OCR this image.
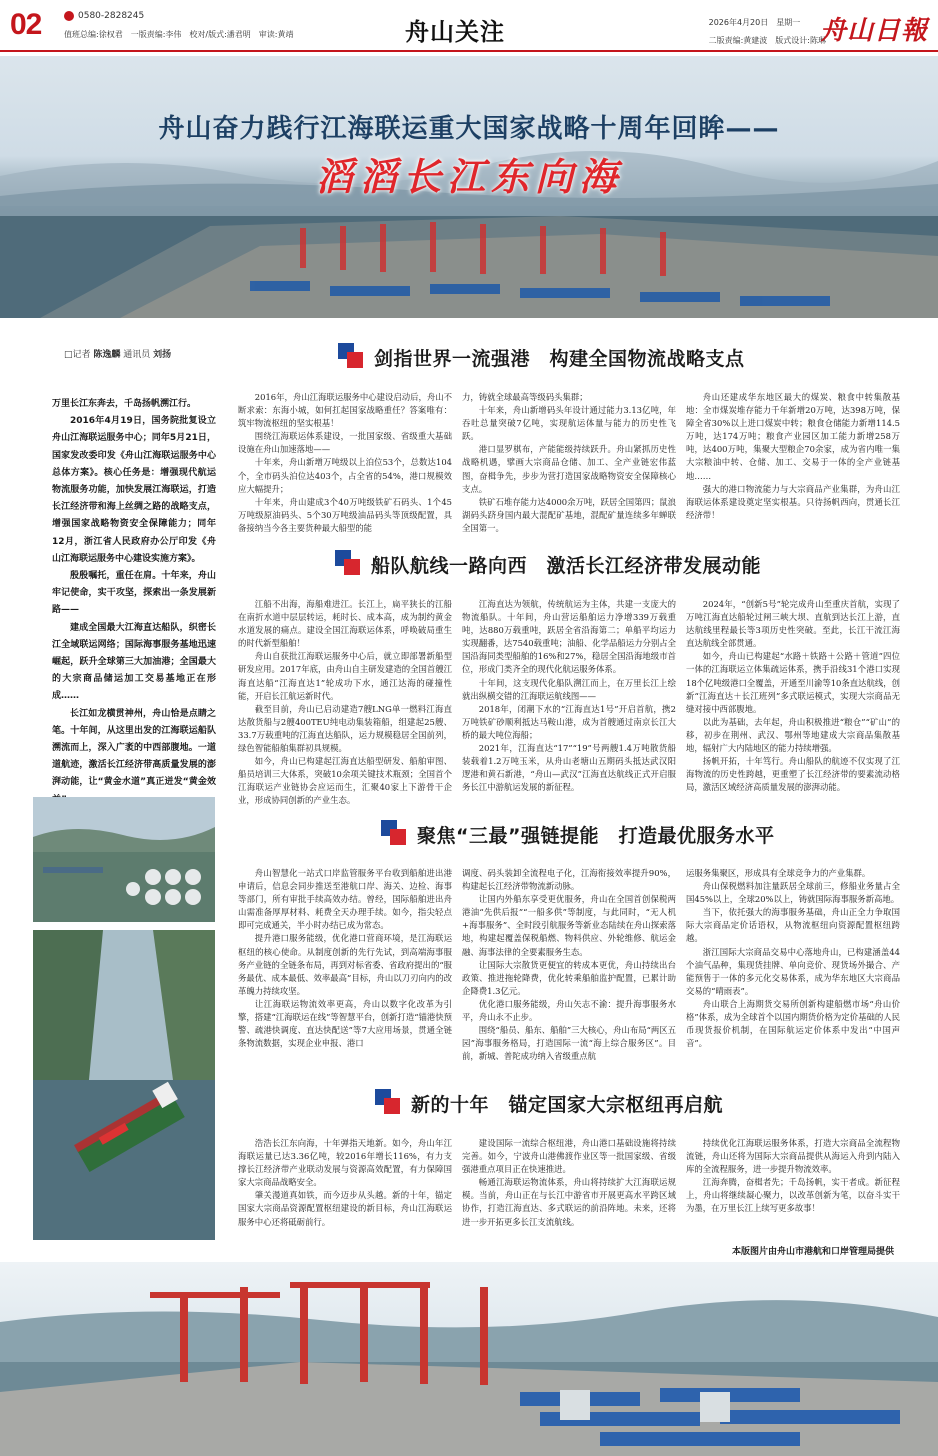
02	0580-2828245
值班总编:徐权君　一版责编:李伟　校对/版式:潘君明　审读:黄靖	舟山关注	2026年4月20日　星期一
二版责编:黄建波　版式设计:陈琳
舟山日報
舟山奋力践行江海联运重大国家战略十周年回眸——
滔滔长江东向海
□记者 陈逸麟 通讯员 刘扬

万里长江东奔去，千岛扬帆溯江行。

2016年4月19日，国务院批复设立舟山江海联运服务中心；同年5月21日，国家发改委印发《舟山江海联运服务中心总体方案》。核心任务是：增强现代航运物流服务功能，加快发展江海联运，打造长江经济带和海上丝绸之路的战略支点，增强国家战略物资安全保障能力；同年12月，浙江省人民政府办公厅印发《舟山江海联运服务中心建设实施方案》。

殷殷嘱托，重任在肩。十年来，舟山牢记使命，实干攻坚，探索出一条发展新路——

建成全国最大江海直达船队，织密长江全域联运网络；国际海事服务基地迅速崛起，跃升全球第三大加油港；全国最大的大宗商品储运加工交易基地正在形成……

长江如龙横贯神州，舟山恰是点睛之笔。十年间，从这里出发的江海联运船队溯流而上，深入广袤的中西部腹地。一道道航迹，激活长江经济带高质量发展的澎湃动能，让“黄金水道”真正迸发“黄金效

剑指世界一流强港　构建全国物流战略支点

2016年，舟山江海联运服务中心建设启动后，舟山不断求索：东海小城，如何扛起国家战略重任？答案唯有：筑牢物流枢纽的坚实根基！

围绕江海联运体系建设，一批国家级、省级重大基础设施在舟山加速落地——

十年来，舟山新增万吨级以上泊位53个，总数达104个，全市码头泊位达403个，占全省的54%，港口规模效应大幅提升；

十年来，舟山建成3个40万吨级铁矿石码头、1个45万吨级原油码头、5个30万吨级油品码头等顶级配置，具备接纳当今各主要货种最大船型的能

力，铸就全球最高等级码头集群；

十年来，舟山新增码头年设计通过能力3.13亿吨，年吞吐总量突破7亿吨，实现航运体量与能力的历史性飞跃。

港口显罗棋布，产能能级持续跃升。舟山紧抓历史性战略机遇，擘画大宗商品仓储、加工、全产业链宏伟蓝图，奋楫争先，步步为营打造国家战略物资安全保障核心支点。

铁矿石堆存能力达4000余万吨，跃居全国第四；鼠浪湖码头跻身国内最大混配矿基地，混配矿量连续多年蝉联全国第一。

舟山还建成华东地区最大的煤炭、粮食中转集散基地：全市煤炭堆存能力千年新增20万吨，达398万吨，保障全省30%以上进口煤炭中转；粮食仓储能力新增114.5万吨，达174万吨；粮食产业园区加工能力新增258万吨，达400万吨，集聚大型粮企70余家，成为省内唯一集大宗粮油中转、仓储、加工、交易于一体的全产业链基地……

强大的港口物流能力与大宗商品产业集群，为舟山江海联运体系建设奠定坚实根基。只待扬帆西向，贯通长江经济带！

船队航线一路向西　激活长江经济带发展动能

江船不出海，海船难进江。长江上，扁平狭长的江船在南折水道中层层转运，耗时长、成本高，成为制约黄金水道发展的痛点。建设全国江海联运体系，呼唤破局重生的时代新型船舶！

舟山自获批江海联运服务中心后，就立即部署新船型研发应用。2017年底，由舟山自主研发建造的全国首艘江海直达船“江海直达1”轮成功下水，通江达海的碰撞性能，开启长江航运新时代。

截至目前，舟山已启动建造7艘LNG单一燃料江海直达散货船与2艘400TEU纯电动集装箱船，组建起25艘、33.7万载重吨的江海直达船队，运力规模稳居全国前列，绿色智能船舶集群初具规模。

如今，舟山已构建起江海直达船型研发、船舶审图、船员培训三大体系，突破10余项关键技术瓶颈；全国首个江海联运产业链协会应运而生，汇聚40家上下游骨干企业，形成协同创新的产业生态。

江海直达为领航，传统航运为主体，共建一支庞大的物流船队。十年间，舟山营运船舶运力净增339万载重吨，达880万载重吨，跃居全省沿海第二；单船平均运力实现翻番，达7540载重吨；油船、化学品船运力分别占全国沿海同类型船舶的16%和27%，稳居全国沿海地级市首位，形成门类齐全的现代化航运服务体系。

十年间，这支现代化船队溯江而上，在万里长江上绘就出纵横交错的江海联运航线图——

2018年，闭潮下水的“江海直达1号”开启首航，携2万吨铁矿砂顺利抵达马鞍山港，成为首艘通过南京长江大桥的最大吨位海船；

2021年，江海直达“17”“19”号两艘1.4万吨散货船装载着1.2万吨玉米，从舟山老塘山五期码头抵达武汉阳逻港和黄石新港，“舟山—武汉”江海直达航线正式开启服务长江中游航运发展的新征程。

2024年，“创新5号”轮完成舟山至重庆首航，实现了万吨江海直达船轮过闸三峡大坝、直航到达长江上游，直达航线里程最长等3项历史性突破。至此，长江干流江海直达航线全部贯通。

如今，舟山已构建起“水路＋铁路＋公路＋管道”四位一体的江海联运立体集疏运体系，携手沿线31个港口实现18个亿吨级港口全覆盖，开通至川渝等10条直达航线，创新“江海直达＋长江班列”多式联运模式，实现大宗商品无缝对接中西部腹地。

以此为基础，去年起，舟山积极推进“粮仓”“矿山”的移，初步在荆州、武汉、鄂州等地建成大宗商品集散基地，辐射广大内陆地区的能力持续增强。

扬帆开拓，十年笃行。舟山船队的航迹不仅实现了江海物流的历史性跨越，更重塑了长江经济带的要素流动格局，激活区域经济高质量发展的澎湃动能。

聚焦“三最”强链提能　打造最优服务水平

舟山智慧化一站式口岸监管服务平台收到船舶进出港申请后，信息会同步推送至港航口岸、海关、边检、海事等部门，所有审批手续高效办结。曾经，国际船舶进出舟山需准备厚厚材料、耗费全天办理手续。如今，指尖轻点即可完成通关，半小时办结已成为常态。

提升港口服务能级，优化港口营商环境，是江海联运枢纽的核心使命。从制度创新的先行先试，到高端海事服务产业链的全链条布局，再到对标省委、省政府提出的“服务最优、成本最低、效率最高”目标，舟山以刀刃向内的改革魄力持续攻坚。

让江海联运物流效率更高，舟山以数字化改革为引擎，搭建“江海联运在线”等智慧平台，创新打造“锚港快预警、疏港快调度、直达快配送”等7大应用场景，贯通全链条物流数据，实现企业申报、港口

调度、码头装卸全流程电子化，江海衔接效率提升90%，构建起长江经济带物流新动脉。

让国内外船东享受更优服务，舟山在全国首创保税两港油“先供后报”“一船多供”等制度，与此同时，“无人机+海事服务”、全时段引航服务等新业态陆续在舟山探索落地，构建起覆盖保税船燃、物料供应、外轮维修、航运金融、海事法律的全要素服务生态。

让国际大宗散货更便宜的转成本更优，舟山持续出台政策、推进拖轮降费，优化转乘船舶监护配置，已累计助企降费1.3亿元。

优化港口服务能级，舟山矢志不渝：提升海事服务水平，舟山永不止步。

围绕“船员、船东、船舶”三大核心，舟山布局“两区五园”海事服务格局，打造国际一流“海上综合服务区”。目前，新城、普陀成功纳入省级重点航

运服务集聚区，形成具有全球竞争力的产业集群。

舟山保税燃料加注量跃居全球前三，修船业务量占全国45%以上，全球20%以上，铸就国际海事服务新高地。

当下，依托强大的海事服务基础，舟山正全力争取国际大宗商品定价话语权，从物流枢纽向资源配置枢纽跨越。

浙江国际大宗商品交易中心落地舟山，已构建涵盖44个油气品种，集现货挂牌、单向竞价、现货场外撮合、产能预售于一体的多元化交易体系，成为华东地区大宗商品交易的“晴雨表”。

舟山联合上海期货交易所创新构建船燃市场“舟山价格”体系，成为全球首个以国内期货价格为定价基础的人民币现货报价机制，在国际航运定价体系中发出“中国声音”。

新的十年　锚定国家大宗枢纽再启航

浩浩长江东向海，十年弹指天地新。如今，舟山年江海联运量已达3.36亿吨，较2016年增长116%，有力支撑长江经济带产业联动发展与资源高效配置，有力保障国家大宗商品战略安全。

肇关漫道真如铁，而今迈步从头越。新的十年，锚定国家大宗商品资源配置枢纽建设的新目标，舟山江海联运服务中心还将砥砺前行。

建设国际一流综合枢纽港，舟山港口基础设施将持续完善。如今，宁波舟山港佛渡作业区等一批国家级、省级强港重点项目正在快速推进。

畅通江海联运物流体系，舟山将持续扩大江海联运规模。当前，舟山正在与长江中游省市开展更高水平跨区域协作，打造江海直达、多式联运的前沿阵地。未来，还将进一步开拓更多长江支流航线。

持续优化江海联运服务体系，打造大宗商品全流程物流链，舟山还将为国际大宗商品提供从海运入舟到内陆入库的全流程服务，进一步提升物流效率。

江海奔腾，奋楫者先；千岛扬帆，实干者成。新征程上，舟山将继续凝心聚力，以改革创新为笔，以奋斗实干为墨，在万里长江上续写更多故事！

本版图片由舟山市港航和口岸管理局提供
